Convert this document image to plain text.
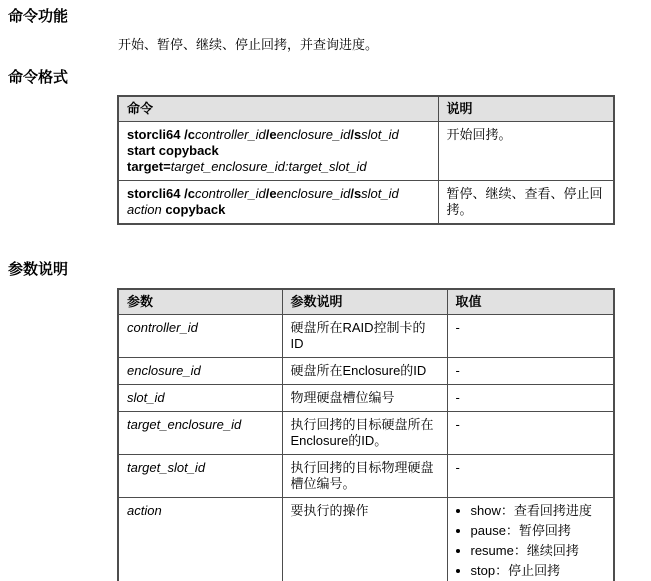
命令功能

开始、暂停、继续、停止回拷，并查询进度。

命令格式
命令	说明
storcli64 /ccontroller_id/eenclosure_id/sslot_id
start copyback
target=target_enclosure_id:target_slot_id	开始回拷。
storcli64 /ccontroller_id/eenclosure_id/sslot_id
action copyback	暂停、继续、查看、停止回拷。
参数说明
参数	参数说明	取值
controller_id	硬盘所在RAID控制卡的ID	-
enclosure_id	硬盘所在Enclosure的ID	-
slot_id	物理硬盘槽位编号	-
target_enclosure_id	执行回拷的目标硬盘所在Enclosure的ID。	-
target_slot_id	执行回拷的目标物理硬盘槽位编号。	-
action	要执行的操作	
•show：查看回拷进度
• pause：暂停回拷
• resume：继续回拷
• stop：停止回拷
